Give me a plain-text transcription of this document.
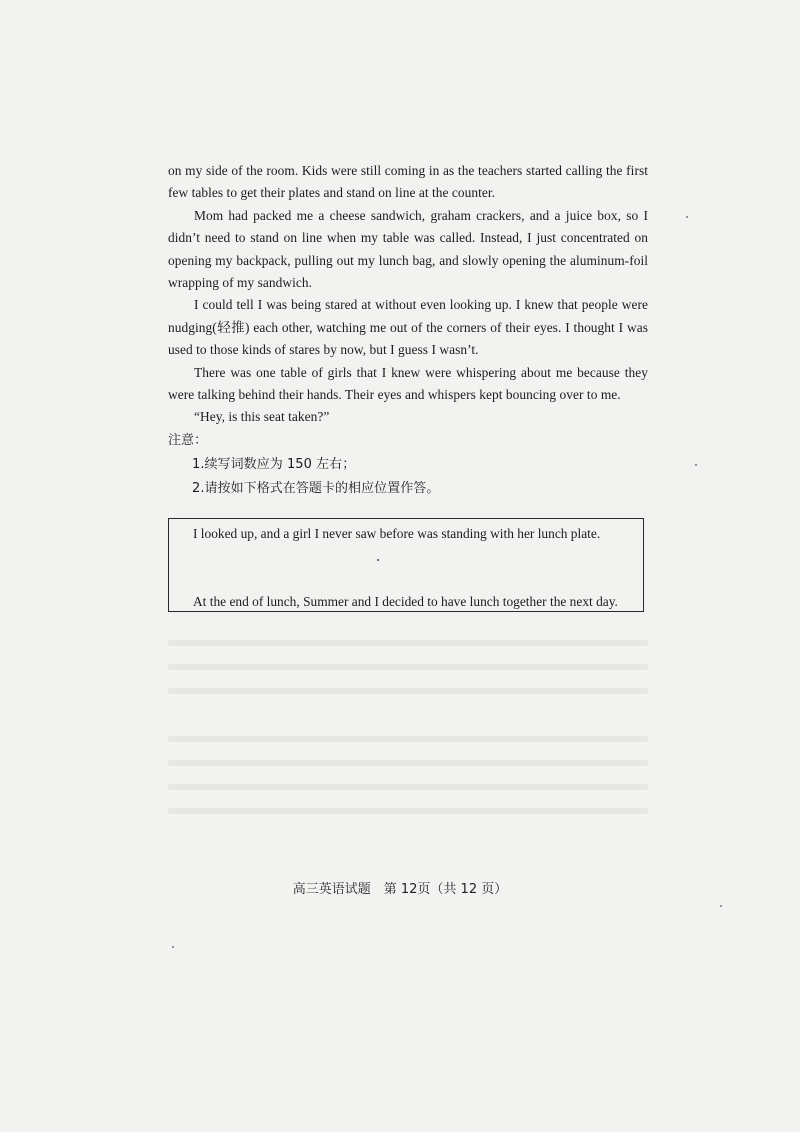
on my side of the room. Kids were still coming in as the teachers started calling the first few tables to get their plates and stand on line at the counter.

Mom had packed me a cheese sandwich, graham crackers, and a juice box, so I didn’t need to stand on line when my table was called. Instead, I just concentrated on opening my backpack, pulling out my lunch bag, and slowly opening the aluminum-foil wrapping of my sandwich.

I could tell I was being stared at without even looking up. I knew that people were nudging(轻推) each other, watching me out of the corners of their eyes. I thought I was used to those kinds of stares by now, but I guess I wasn’t.

There was one table of girls that I knew were whispering about me because they were talking behind their hands. Their eyes and whispers kept bouncing over to me.

“Hey, is this seat taken?”

注意：

1.续写词数应为 150 左右；

2.请按如下格式在答题卡的相应位置作答。

I looked up, and a girl I never saw before was standing with her lunch plate.

At the end of lunch, Summer and I decided to have lunch together the next day.

高三英语试题　第 12页（共 12 页）
